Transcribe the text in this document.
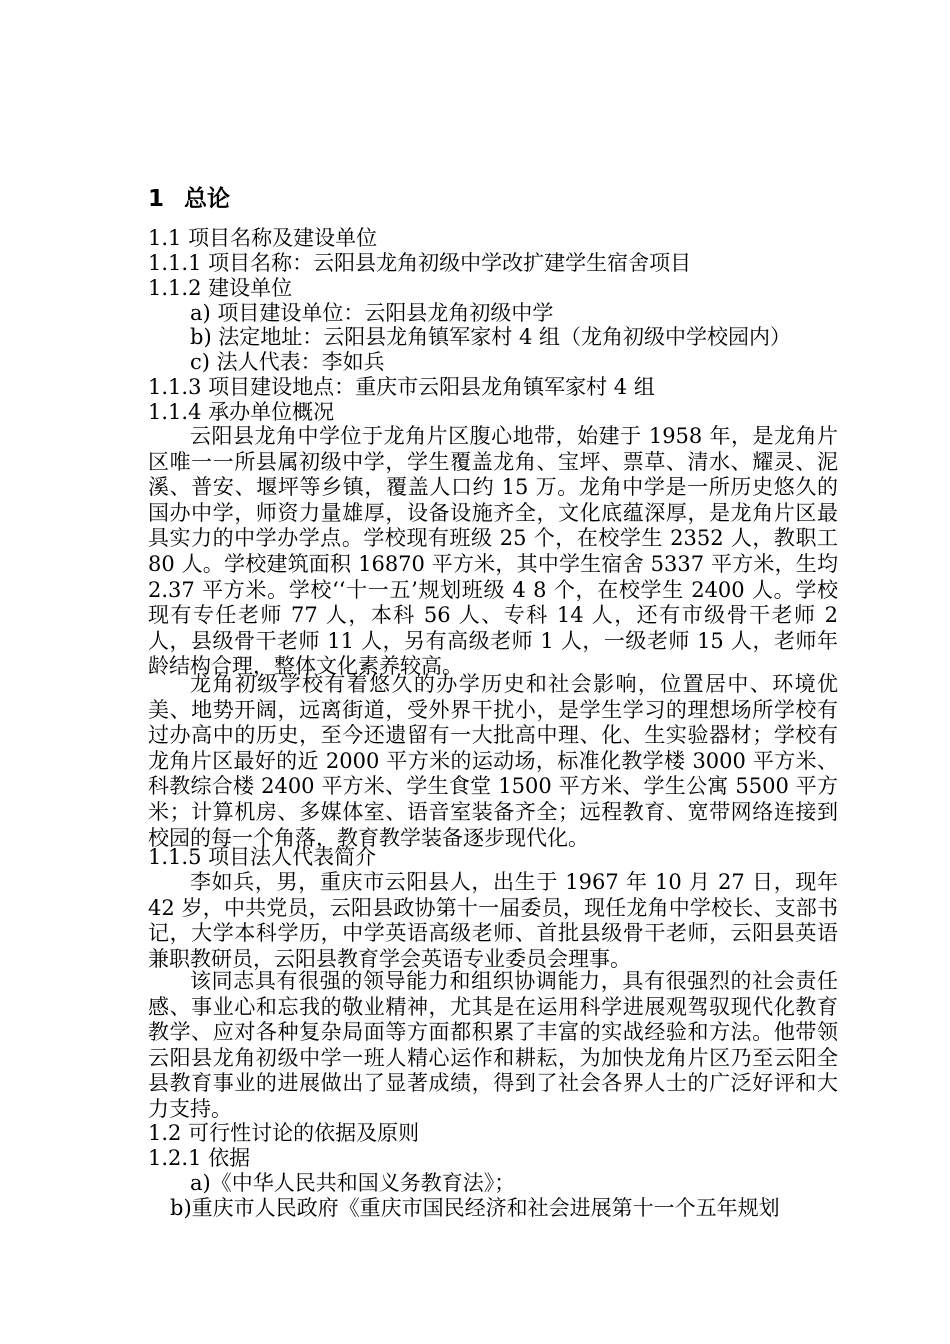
1 总论
1.1 项目名称及建设单位
1.1.1 项目名称：云阳县龙角初级中学改扩建学生宿舍项目
1.1.2 建设单位
a) 项目建设单位：云阳县龙角初级中学
b) 法定地址：云阳县龙角镇军家村 4 组（龙角初级中学校园内）
c) 法人代表：李如兵
1.1.3 项目建设地点：重庆市云阳县龙角镇军家村 4 组
1.1.4 承办单位概况
云阳县龙角中学位于龙角片区腹心地带，始建于 1958 年，是龙角片区唯一一所县属初级中学，学生覆盖龙角、宝坪、票草、清水、耀灵、泥溪、普安、堰坪等乡镇，覆盖人口约 15 万。龙角中学是一所历史悠久的国办中学，师资力量雄厚，设备设施齐全，文化底蕴深厚，是龙角片区最具实力的中学办学点。学校现有班级 25 个，在校学生 2352 人，教职工 80 人。学校建筑面积 16870 平方米，其中学生宿舍 5337 平方米，生均 2.37 平方米。学校‘‘十一五’规划班级 4 8 个，在校学生 2400 人。学校现有专任老师 77 人，本科 56 人、专科 14 人，还有市级骨干老师 2 人，县级骨干老师 11 人，另有高级老师 1 人，一级老师 15 人，老师年龄结构合理，整体文化素养较高。
龙角初级学校有着悠久的办学历史和社会影响，位置居中、环境优美、地势开阔，远离街道，受外界干扰小，是学生学习的理想场所学校有过办高中的历史，至今还遗留有一大批高中理、化、生实验器材；学校有龙角片区最好的近 2000 平方米的运动场，标准化教学楼 3000 平方米、科教综合楼 2400 平方米、学生食堂 1500 平方米、学生公寓 5500 平方米；计算机房、多媒体室、语音室装备齐全；远程教育、宽带网络连接到校园的每一个角落，教育教学装备逐步现代化。
1.1.5 项目法人代表简介
李如兵，男，重庆市云阳县人，出生于 1967 年 10 月 27 日，现年 42 岁，中共党员，云阳县政协第十一届委员，现任龙角中学校长、支部书记，大学本科学历，中学英语高级老师、首批县级骨干老师，云阳县英语兼职教研员，云阳县教育学会英语专业委员会理事。
该同志具有很强的领导能力和组织协调能力，具有很强烈的社会责任感、事业心和忘我的敬业精神，尤其是在运用科学进展观驾驭现代化教育教学、应对各种复杂局面等方面都积累了丰富的实战经验和方法。他带领云阳县龙角初级中学一班人精心运作和耕耘，为加快龙角片区乃至云阳全县教育事业的进展做出了显著成绩，得到了社会各界人士的广泛好评和大力支持。
1.2 可行性讨论的依据及原则
1.2.1 依据
a)《中华人民共和国义务教育法》；
b)重庆市人民政府《重庆市国民经济和社会进展第十一个五年规划
